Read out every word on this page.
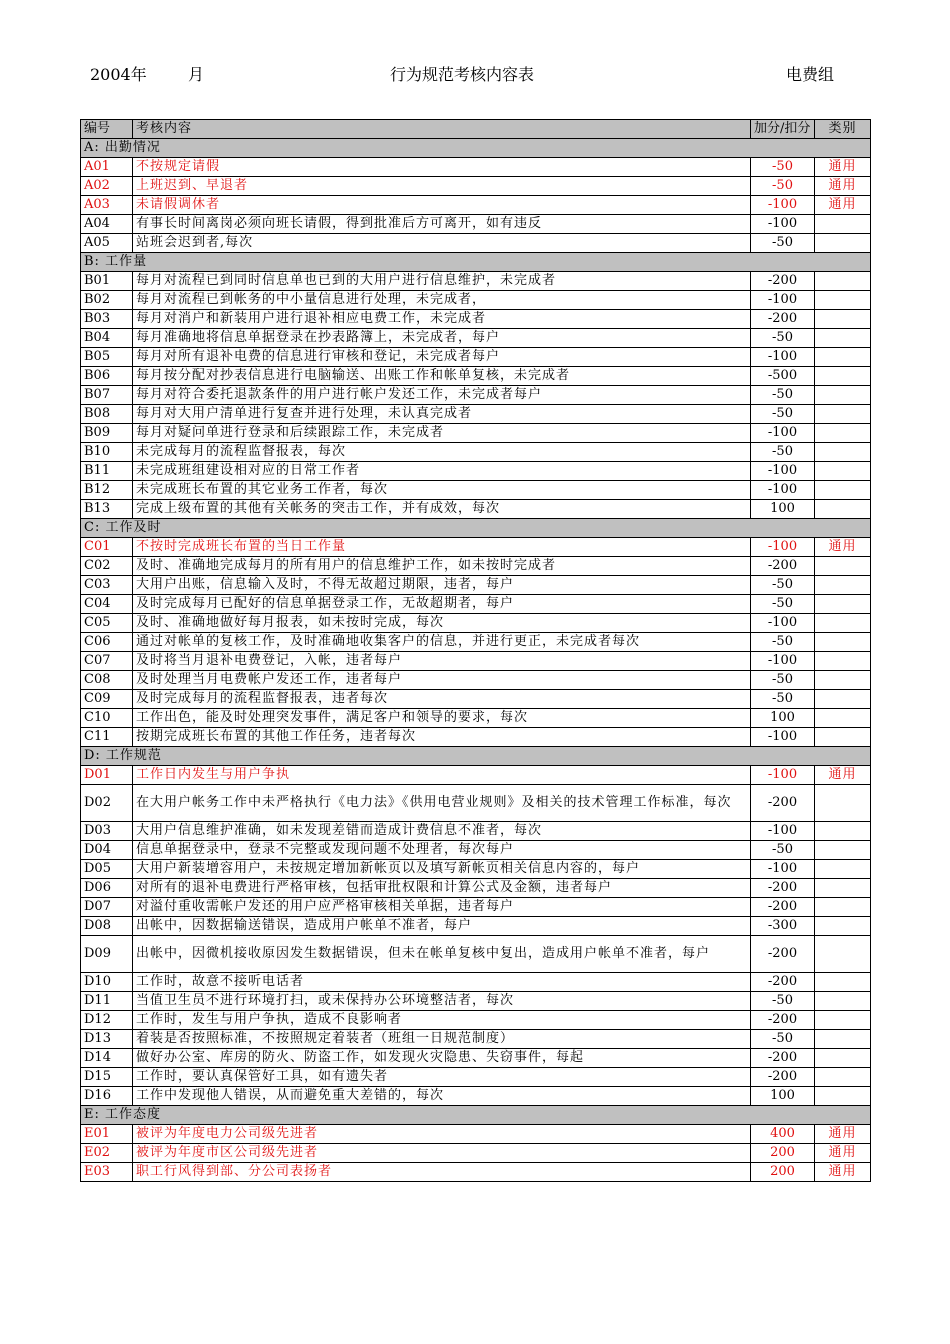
2004年	月	行为规范考核内容表	电费组
编号	考核内容	加分/扣分	类别
A: 出勤情况			
A01	不按规定请假	-50	通用
A02	上班迟到、早退者	-50	通用
A03	未请假调休者	-100	通用
A04	有事长时间离岗必须向班长请假，得到批准后方可离开，如有违反	-100	
A05	站班会迟到者,每次	-50	
B: 工作量			
B01	每月对流程已到同时信息单也已到的大用户进行信息维护，未完成者	-200	
B02	每月对流程已到帐务的中小量信息进行处理，未完成者，	-100	
B03	每月对消户和新装用户进行退补相应电费工作，未完成者	-200	
B04	每月准确地将信息单据登录在抄表路簿上，未完成者，每户	-50	
B05	每月对所有退补电费的信息进行审核和登记，未完成者每户	-100	
B06	每月按分配对抄表信息进行电脑输送、出账工作和帐单复核，未完成者	-500	
B07	每月对符合委托退款条件的用户进行帐户发还工作，未完成者每户	-50	
B08	每月对大用户清单进行复查并进行处理，未认真完成者	-50	
B09	每月对疑问单进行登录和后续跟踪工作，未完成者	-100	
B10	未完成每月的流程监督报表，每次	-50	
B11	未完成班组建设相对应的日常工作者	-100	
B12	未完成班长布置的其它业务工作者，每次	-100	
B13	完成上级布置的其他有关帐务的突击工作，并有成效，每次	100	
C: 工作及时			
C01	不按时完成班长布置的当日工作量	-100	通用
C02	及时、准确地完成每月的所有用户的信息维护工作，如未按时完成者	-200	
C03	大用户出账，信息输入及时，不得无故超过期限，违者，每户	-50	
C04	及时完成每月已配好的信息单据登录工作，无故超期者，每户	-50	
C05	及时、准确地做好每月报表，如未按时完成，每次	-100	
C06	通过对帐单的复核工作，及时准确地收集客户的信息，并进行更正，未完成者每次	-50	
C07	及时将当月退补电费登记，入帐，违者每户	-100	
C08	及时处理当月电费帐户发还工作，违者每户	-50	
C09	及时完成每月的流程监督报表，违者每次	-50	
C10	工作出色，能及时处理突发事件，满足客户和领导的要求，每次	100	
C11	按期完成班长布置的其他工作任务，违者每次	-100	
D: 工作规范			
D01	工作日内发生与用户争执	-100	通用
D02	在大用户帐务工作中未严格执行《电力法》《供用电营业规则》及相关的技术管理工作标准，每次	-200	
D03	大用户信息维护准确，如未发现差错而造成计费信息不准者，每次	-100	
D04	信息单据登录中，登录不完整或发现问题不处理者，每次每户	-50	
D05	大用户新装增容用户，未按规定增加新帐页以及填写新帐页相关信息内容的，每户	-100	
D06	对所有的退补电费进行严格审核，包括审批权限和计算公式及金额，违者每户	-200	
D07	对溢付重收需帐户发还的用户应严格审核相关单据，违者每户	-200	
D08	出帐中，因数据输送错误，造成用户帐单不准者，每户	-300	
D09	出帐中，因微机接收原因发生数据错误，但未在帐单复核中复出，造成用户帐单不准者，每户	-200	
D10	工作时，故意不接听电话者	-200	
D11	当值卫生员不进行环境打扫，或未保持办公环境整洁者，每次	-50	
D12	工作时，发生与用户争执，造成不良影响者	-200	
D13	着装是否按照标准，不按照规定着装者（班组一日规范制度）	-50	
D14	做好办公室、库房的防火、防盗工作，如发现火灾隐患、失窃事件，每起	-200	
D15	工作时，要认真保管好工具，如有遗失者	-200	
D16	工作中发现他人错误，从而避免重大差错的，每次	100	
E: 工作态度			
E01	被评为年度电力公司级先进者	400	通用
E02	被评为年度市区公司级先进者	200	通用
E03	职工行风得到部、分公司表扬者	200	通用
